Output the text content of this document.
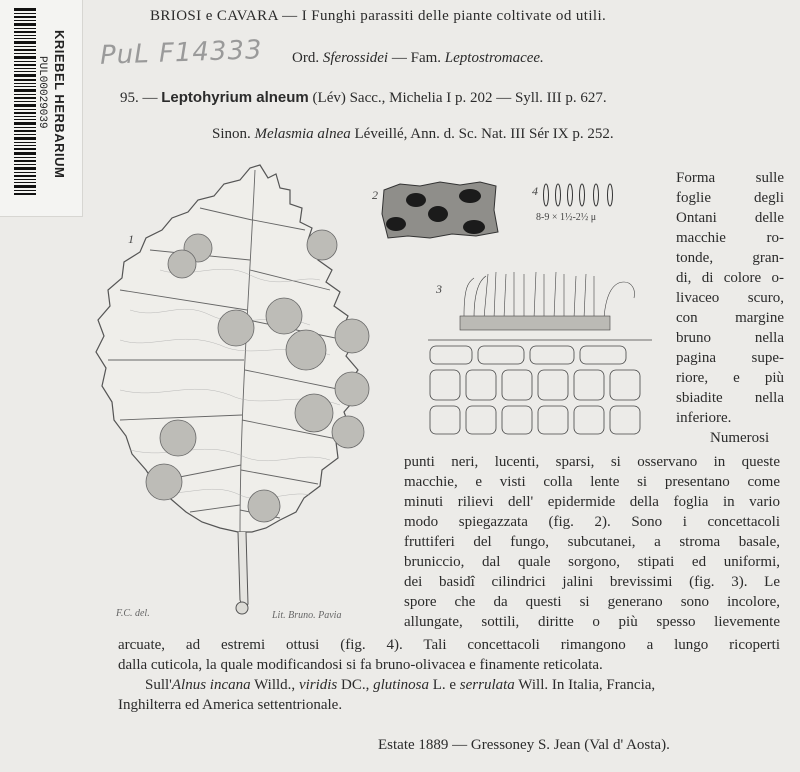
PUL00029039 KRIEBEL HERBARIUM PuL F14333
BRIOSI e CAVARA — I Funghi parassiti delle piante coltivate od utili.
Ord. Sferossidei — Fam. Leptostromacee.
95. — Leptohyrium alneum (Lév) Sacc., Michelia I p. 202 — Syll. III p. 627.
Sinon. Melasmia alnea Léveillé, Ann. d. Sc. Nat. III Sér IX p. 252.
1
F.C. del.	Lit. Bruno. Pavia
2	4
8-9 × 1½-2½ μ
3
Forma sulle
foglie degli
Ontani delle
macchie ro-
tonde, gran-
di, di colore o-
livaceo scuro,
con margine
bruno nella
pagina supe-
riore, e più
sbiadite nella
inferiore.
Numerosi
punti neri, lucenti, sparsi, si osservano in queste
macchie, e visti colla lente si presentano come
minuti rilievi dell' epidermide della foglia in vario
modo spiegazzata (fig. 2). Sono i concettacoli
fruttiferi del fungo, subcutanei, a stroma basale,
bruniccio, dal quale sorgono, stipati ed uniformi,
dei basidî cilindrici jalini brevissimi (fig. 3). Le
spore che da questi si generano sono incolore,
allungate, sottili, diritte o più spesso lievemente
arcuate, ad estremi ottusi (fig. 4). Tali concettacoli rimangono a lungo ricoperti
dalla cuticola, la quale modificandosi si fa bruno-olivacea e finamente reticolata.
Sull'Alnus incana Willd., viridis DC., glutinosa L. e serrulata Will. In Italia, Francia,
Inghilterra ed America settentrionale.
Estate 1889 — Gressoney S. Jean (Val d' Aosta).
